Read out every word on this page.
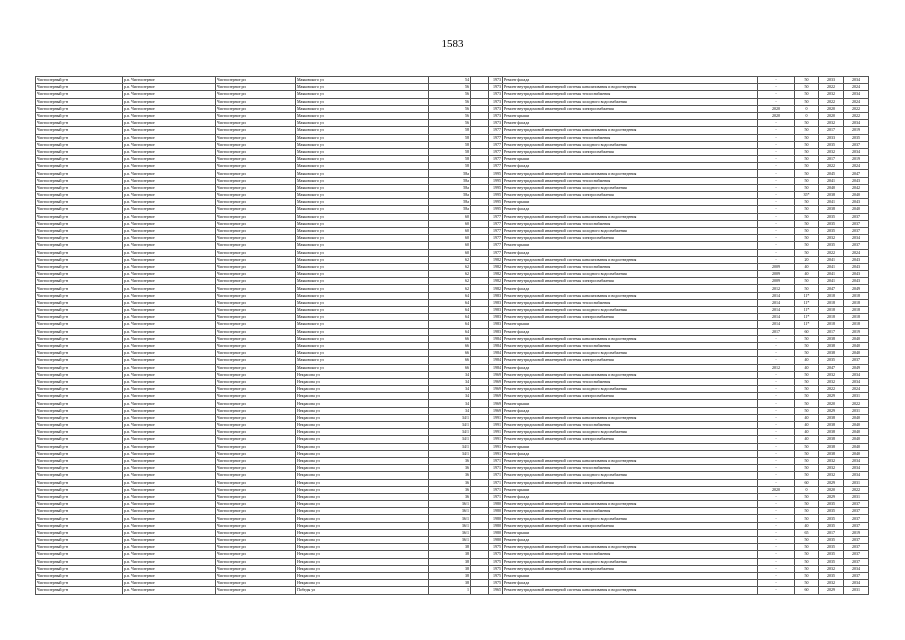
1583
Чистоозерный р-н	р.п. Чистоозерное	Чистоозерное рп	Маяковского ул	54		1973	Ремонт фасада	-	50	2033	2034
Чистоозерный р-н	р.п. Чистоозерное	Чистоозерное рп	Маяковского ул	56		1973	Ремонт внутридомовой инженерной системы канализования и водоотведения	-	50	2022	2024
Чистоозерный р-н	р.п. Чистоозерное	Чистоозерное рп	Маяковского ул	56		1973	Ремонт внутридомовой инженерной системы теплоснабжения	-	50	2032	2034
Чистоозерный р-н	р.п. Чистоозерное	Чистоозерное рп	Маяковского ул	56		1973	Ремонт внутридомовой инженерной системы холодного водоснабжения	-	50	2022	2024
Чистоозерный р-н	р.п. Чистоозерное	Чистоозерное рп	Маяковского ул	56		1973	Ремонт внутридомовой инженерной системы электроснабжения	2020	0	2020	2022
Чистоозерный р-н	р.п. Чистоозерное	Чистоозерное рп	Маяковского ул	56		1973	Ремонт крыши	2020	0	2020	2022
Чистоозерный р-н	р.п. Чистоозерное	Чистоозерное рп	Маяковского ул	56		1973	Ремонт фасада	-	50	2032	2034
Чистоозерный р-н	р.п. Чистоозерное	Чистоозерное рп	Маяковского ул	58		1977	Ремонт внутридомовой инженерной системы канализования и водоотведения	-	50	2017	2019
Чистоозерный р-н	р.п. Чистоозерное	Чистоозерное рп	Маяковского ул	58		1977	Ремонт внутридомовой инженерной системы теплоснабжения	-	50	2033	2035
Чистоозерный р-н	р.п. Чистоозерное	Чистоозерное рп	Маяковского ул	58		1977	Ремонт внутридомовой инженерной системы холодного водоснабжения	-	50	2035	2037
Чистоозерный р-н	р.п. Чистоозерное	Чистоозерное рп	Маяковского ул	58		1977	Ремонт внутридомовой инженерной системы электроснабжения	-	50	2032	2034
Чистоозерный р-н	р.п. Чистоозерное	Чистоозерное рп	Маяковского ул	58		1977	Ремонт крыши	-	50	2017	2019
Чистоозерный р-н	р.п. Чистоозерное	Чистоозерное рп	Маяковского ул	58		1977	Ремонт фасада	-	50	2022	2024
Чистоозерный р-н	р.п. Чистоозерное	Чистоозерное рп	Маяковского ул	58а		1995	Ремонт внутридомовой инженерной системы канализования и водоотведения	-	50	2045	2047
Чистоозерный р-н	р.п. Чистоозерное	Чистоозерное рп	Маяковского ул	58а		1995	Ремонт внутридомовой инженерной системы теплоснабжения	-	50	2041	2043
Чистоозерный р-н	р.п. Чистоозерное	Чистоозерное рп	Маяковского ул	58а		1995	Ремонт внутридомовой инженерной системы холодного водоснабжения	-	50	2040	2042
Чистоозерный р-н	р.п. Чистоозерное	Чистоозерное рп	Маяковского ул	58а		1995	Ремонт внутридомовой инженерной системы электроснабжения	-	35*	2038	2040
Чистоозерный р-н	р.п. Чистоозерное	Чистоозерное рп	Маяковского ул	58а		1995	Ремонт крыши	-	50	2041	2043
Чистоозерный р-н	р.п. Чистоозерное	Чистоозерное рп	Маяковского ул	58а		1995	Ремонт фасада	-	50	2038	2040
Чистоозерный р-н	р.п. Чистоозерное	Чистоозерное рп	Маяковского ул	60		1977	Ремонт внутридомовой инженерной системы канализования и водоотведения	-	50	2035	2037
Чистоозерный р-н	р.п. Чистоозерное	Чистоозерное рп	Маяковского ул	60		1977	Ремонт внутридомовой инженерной системы теплоснабжения	-	50	2035	2037
Чистоозерный р-н	р.п. Чистоозерное	Чистоозерное рп	Маяковского ул	60		1977	Ремонт внутридомовой инженерной системы холодного водоснабжения	-	50	2035	2037
Чистоозерный р-н	р.п. Чистоозерное	Чистоозерное рп	Маяковского ул	60		1977	Ремонт внутридомовой инженерной системы электроснабжения	-	50	2032	2034
Чистоозерный р-н	р.п. Чистоозерное	Чистоозерное рп	Маяковского ул	60		1977	Ремонт крыши	-	50	2035	2037
Чистоозерный р-н	р.п. Чистоозерное	Чистоозерное рп	Маяковского ул	60		1977	Ремонт фасада	-	50	2022	2024
Чистоозерный р-н	р.п. Чистоозерное	Чистоозерное рп	Маяковского ул	62		1982	Ремонт внутридомовой инженерной системы канализования и водоотведения	-	20	2041	2043
Чистоозерный р-н	р.п. Чистоозерное	Чистоозерное рп	Маяковского ул	62		1982	Ремонт внутридомовой инженерной системы теплоснабжения	2009	40	2041	2043
Чистоозерный р-н	р.п. Чистоозерное	Чистоозерное рп	Маяковского ул	62		1982	Ремонт внутридомовой инженерной системы холодного водоснабжения	2009	40	2041	2043
Чистоозерный р-н	р.п. Чистоозерное	Чистоозерное рп	Маяковского ул	62		1982	Ремонт внутридомовой инженерной системы электроснабжения	2009	50	2041	2043
Чистоозерный р-н	р.п. Чистоозерное	Чистоозерное рп	Маяковского ул	62		1982	Ремонт фасада	2012	50	2047	2049
Чистоозерный р-н	р.п. Чистоозерное	Чистоозерное рп	Маяковского ул	64		1983	Ремонт внутридомовой инженерной системы канализования и водоотведения	2014	11*	2018	2018
Чистоозерный р-н	р.п. Чистоозерное	Чистоозерное рп	Маяковского ул	64		1983	Ремонт внутридомовой инженерной системы теплоснабжения	2014	11*	2018	2018
Чистоозерный р-н	р.п. Чистоозерное	Чистоозерное рп	Маяковского ул	64		1983	Ремонт внутридомовой инженерной системы холодного водоснабжения	2014	11*	2018	2018
Чистоозерный р-н	р.п. Чистоозерное	Чистоозерное рп	Маяковского ул	64		1983	Ремонт внутридомовой инженерной системы электроснабжения	2014	11*	2018	2018
Чистоозерный р-н	р.п. Чистоозерное	Чистоозерное рп	Маяковского ул	64		1983	Ремонт крыши	2014	11*	2018	2018
Чистоозерный р-н	р.п. Чистоозерное	Чистоозерное рп	Маяковского ул	64		1983	Ремонт фасада	2017	60	2017	2019
Чистоозерный р-н	р.п. Чистоозерное	Чистоозерное рп	Маяковского ул	66		1984	Ремонт внутридомовой инженерной системы канализования и водоотведения	-	50	2038	2040
Чистоозерный р-н	р.п. Чистоозерное	Чистоозерное рп	Маяковского ул	66		1984	Ремонт внутридомовой инженерной системы теплоснабжения	-	50	2038	2040
Чистоозерный р-н	р.п. Чистоозерное	Чистоозерное рп	Маяковского ул	66		1984	Ремонт внутридомовой инженерной системы холодного водоснабжения	-	50	2038	2040
Чистоозерный р-н	р.п. Чистоозерное	Чистоозерное рп	Маяковского ул	66		1984	Ремонт внутридомовой инженерной системы электроснабжения	-	40	2035	2037
Чистоозерный р-н	р.п. Чистоозерное	Чистоозерное рп	Маяковского ул	66		1984	Ремонт фасада	2012	40	2047	2049
Чистоозерный р-н	р.п. Чистоозерное	Чистоозерное рп	Некрасова ул	34		1969	Ремонт внутридомовой инженерной системы канализования и водоотведения	-	50	2032	2034
Чистоозерный р-н	р.п. Чистоозерное	Чистоозерное рп	Некрасова ул	34		1969	Ремонт внутридомовой инженерной системы теплоснабжения	-	50	2032	2034
Чистоозерный р-н	р.п. Чистоозерное	Чистоозерное рп	Некрасова ул	34		1969	Ремонт внутридомовой инженерной системы холодного водоснабжения	-	50	2022	2024
Чистоозерный р-н	р.п. Чистоозерное	Чистоозерное рп	Некрасова ул	34		1969	Ремонт внутридомовой инженерной системы электроснабжения	-	50	2029	2031
Чистоозерный р-н	р.п. Чистоозерное	Чистоозерное рп	Некрасова ул	34		1969	Ремонт крыши	-	50	2020	2022
Чистоозерный р-н	р.п. Чистоозерное	Чистоозерное рп	Некрасова ул	34		1969	Ремонт фасада	-	50	2029	2031
Чистоозерный р-н	р.п. Чистоозерное	Чистоозерное рп	Некрасова ул	34/1		1991	Ремонт внутридомовой инженерной системы канализования и водоотведения	-	40	2038	2040
Чистоозерный р-н	р.п. Чистоозерное	Чистоозерное рп	Некрасова ул	34/1		1991	Ремонт внутридомовой инженерной системы теплоснабжения	-	40	2038	2040
Чистоозерный р-н	р.п. Чистоозерное	Чистоозерное рп	Некрасова ул	34/1		1991	Ремонт внутридомовой инженерной системы холодного водоснабжения	-	40	2038	2040
Чистоозерный р-н	р.п. Чистоозерное	Чистоозерное рп	Некрасова ул	34/1		1991	Ремонт внутридомовой инженерной системы электроснабжения	-	40	2038	2040
Чистоозерный р-н	р.п. Чистоозерное	Чистоозерное рп	Некрасова ул	34/1		1991	Ремонт крыши	-	50	2038	2040
Чистоозерный р-н	р.п. Чистоозерное	Чистоозерное рп	Некрасова ул	34/1		1991	Ремонт фасада	-	50	2038	2040
Чистоозерный р-н	р.п. Чистоозерное	Чистоозерное рп	Некрасова ул	36		1971	Ремонт внутридомовой инженерной системы канализования и водоотведения	-	50	2032	2034
Чистоозерный р-н	р.п. Чистоозерное	Чистоозерное рп	Некрасова ул	36		1971	Ремонт внутридомовой инженерной системы теплоснабжения	-	50	2032	2034
Чистоозерный р-н	р.п. Чистоозерное	Чистоозерное рп	Некрасова ул	36		1971	Ремонт внутридомовой инженерной системы холодного водоснабжения	-	50	2032	2034
Чистоозерный р-н	р.п. Чистоозерное	Чистоозерное рп	Некрасова ул	36		1971	Ремонт внутридомовой инженерной системы электроснабжения	-	60	2029	2031
Чистоозерный р-н	р.п. Чистоозерное	Чистоозерное рп	Некрасова ул	36		1971	Ремонт крыши	2020	0	2020	2022
Чистоозерный р-н	р.п. Чистоозерное	Чистоозерное рп	Некрасова ул	36		1971	Ремонт фасада	-	50	2029	2031
Чистоозерный р-н	р.п. Чистоозерное	Чистоозерное рп	Некрасова ул	36/1		1980	Ремонт внутридомовой инженерной системы канализования и водоотведения	-	50	2035	2037
Чистоозерный р-н	р.п. Чистоозерное	Чистоозерное рп	Некрасова ул	36/1		1980	Ремонт внутридомовой инженерной системы теплоснабжения	-	50	2035	2037
Чистоозерный р-н	р.п. Чистоозерное	Чистоозерное рп	Некрасова ул	36/1		1980	Ремонт внутридомовой инженерной системы холодного водоснабжения	-	50	2035	2037
Чистоозерный р-н	р.п. Чистоозерное	Чистоозерное рп	Некрасова ул	36/1		1980	Ремонт внутридомовой инженерной системы электроснабжения	-	40	2035	2037
Чистоозерный р-н	р.п. Чистоозерное	Чистоозерное рп	Некрасова ул	36/1		1980	Ремонт крыши	-	65	2017	2019
Чистоозерный р-н	р.п. Чистоозерное	Чистоозерное рп	Некрасова ул	36/1		1980	Ремонт фасада	-	50	2035	2037
Чистоозерный р-н	р.п. Чистоозерное	Чистоозерное рп	Некрасова ул	38		1975	Ремонт внутридомовой инженерной системы канализования и водоотведения	-	50	2035	2037
Чистоозерный р-н	р.п. Чистоозерное	Чистоозерное рп	Некрасова ул	38		1975	Ремонт внутридомовой инженерной системы теплоснабжения	-	50	2035	2037
Чистоозерный р-н	р.п. Чистоозерное	Чистоозерное рп	Некрасова ул	38		1975	Ремонт внутридомовой инженерной системы холодного водоснабжения	-	50	2035	2037
Чистоозерный р-н	р.п. Чистоозерное	Чистоозерное рп	Некрасова ул	38		1975	Ремонт внутридомовой инженерной системы электроснабжения	-	50	2032	2034
Чистоозерный р-н	р.п. Чистоозерное	Чистоозерное рп	Некрасова ул	38		1975	Ремонт крыши	-	50	2035	2037
Чистоозерный р-н	р.п. Чистоозерное	Чистоозерное рп	Некрасова ул	38		1975	Ремонт фасада	-	50	2032	2034
Чистоозерный р-н	р.п. Чистоозерное	Чистоозерное рп	Победы ул	1		1965	Ремонт внутридомовой инженерной системы канализования и водоотведения	-	60	2029	2031
